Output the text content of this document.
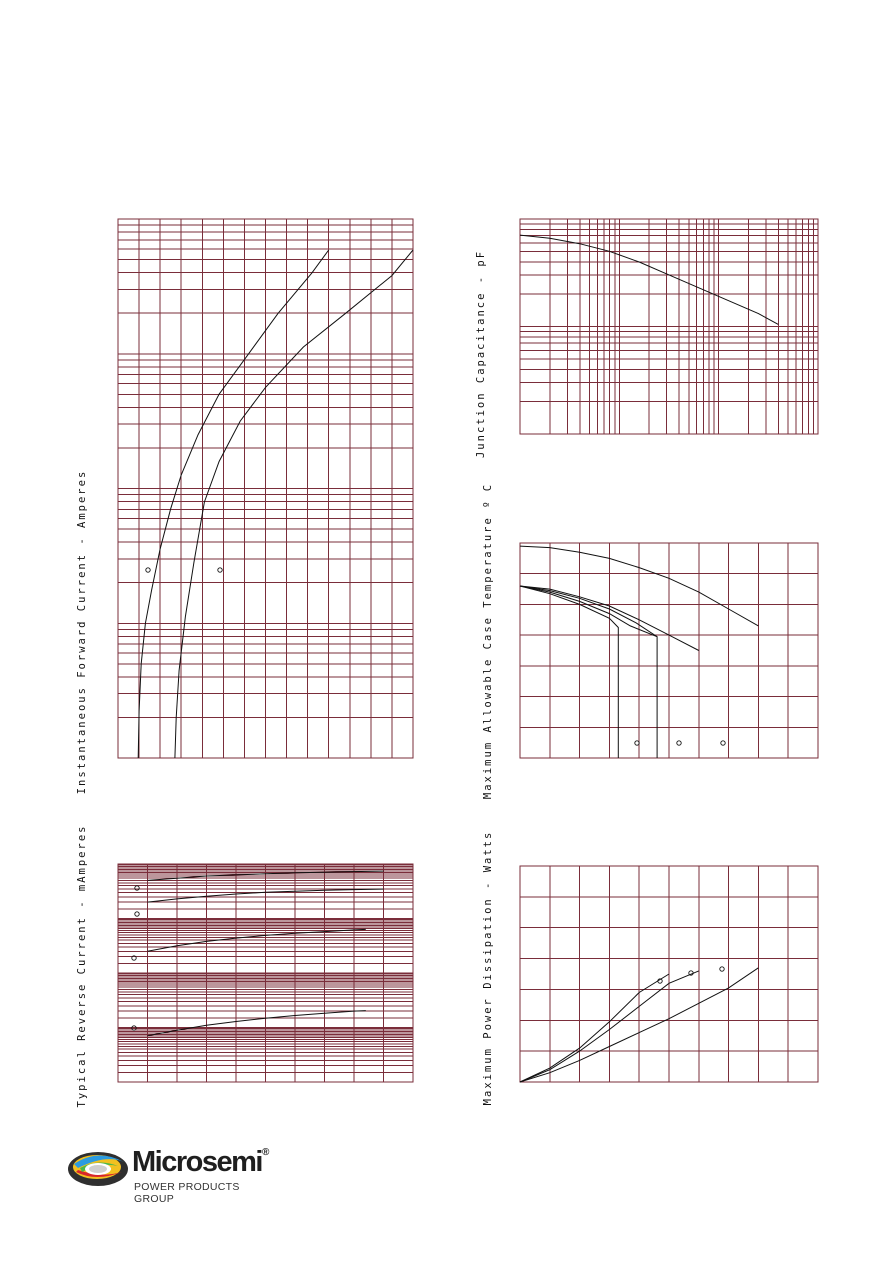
Instantaneous Forward Current - Amperes
Junction Capacitance - pF
Maximum Allowable Case Temperature º C
Typical Reverse Current - mAmperes	Maximum Power Dissipation - Watts
Microsemi®
POWER PRODUCTS GROUP
